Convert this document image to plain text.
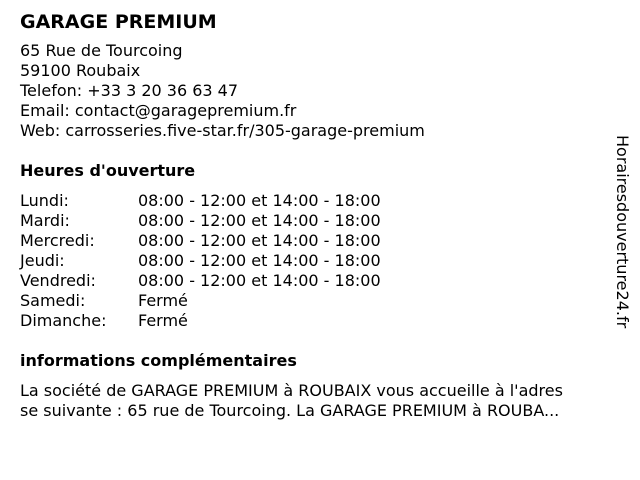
GARAGE PREMIUM
65 Rue de Tourcoing
59100 Roubaix
Telefon: +33 3 20 36 63 47
Email: contact@garagepremium.fr
Web: carrosseries.five-star.fr/305-garage-premium
Heures d'ouverture
Lundi:	08:00 - 12:00 et 14:00 - 18:00
Mardi:	08:00 - 12:00 et 14:00 - 18:00
Mercredi:	08:00 - 12:00 et 14:00 - 18:00
Jeudi:	08:00 - 12:00 et 14:00 - 18:00
Vendredi:	08:00 - 12:00 et 14:00 - 18:00
Samedi:	Fermé
Dimanche:	Fermé
informations complémentaires
La société de GARAGE PREMIUM à ROUBAIX vous accueille à l'adres
se suivante : 65 rue de Tourcoing. La GARAGE PREMIUM à ROUBA...
Horairesdouverture24.fr
